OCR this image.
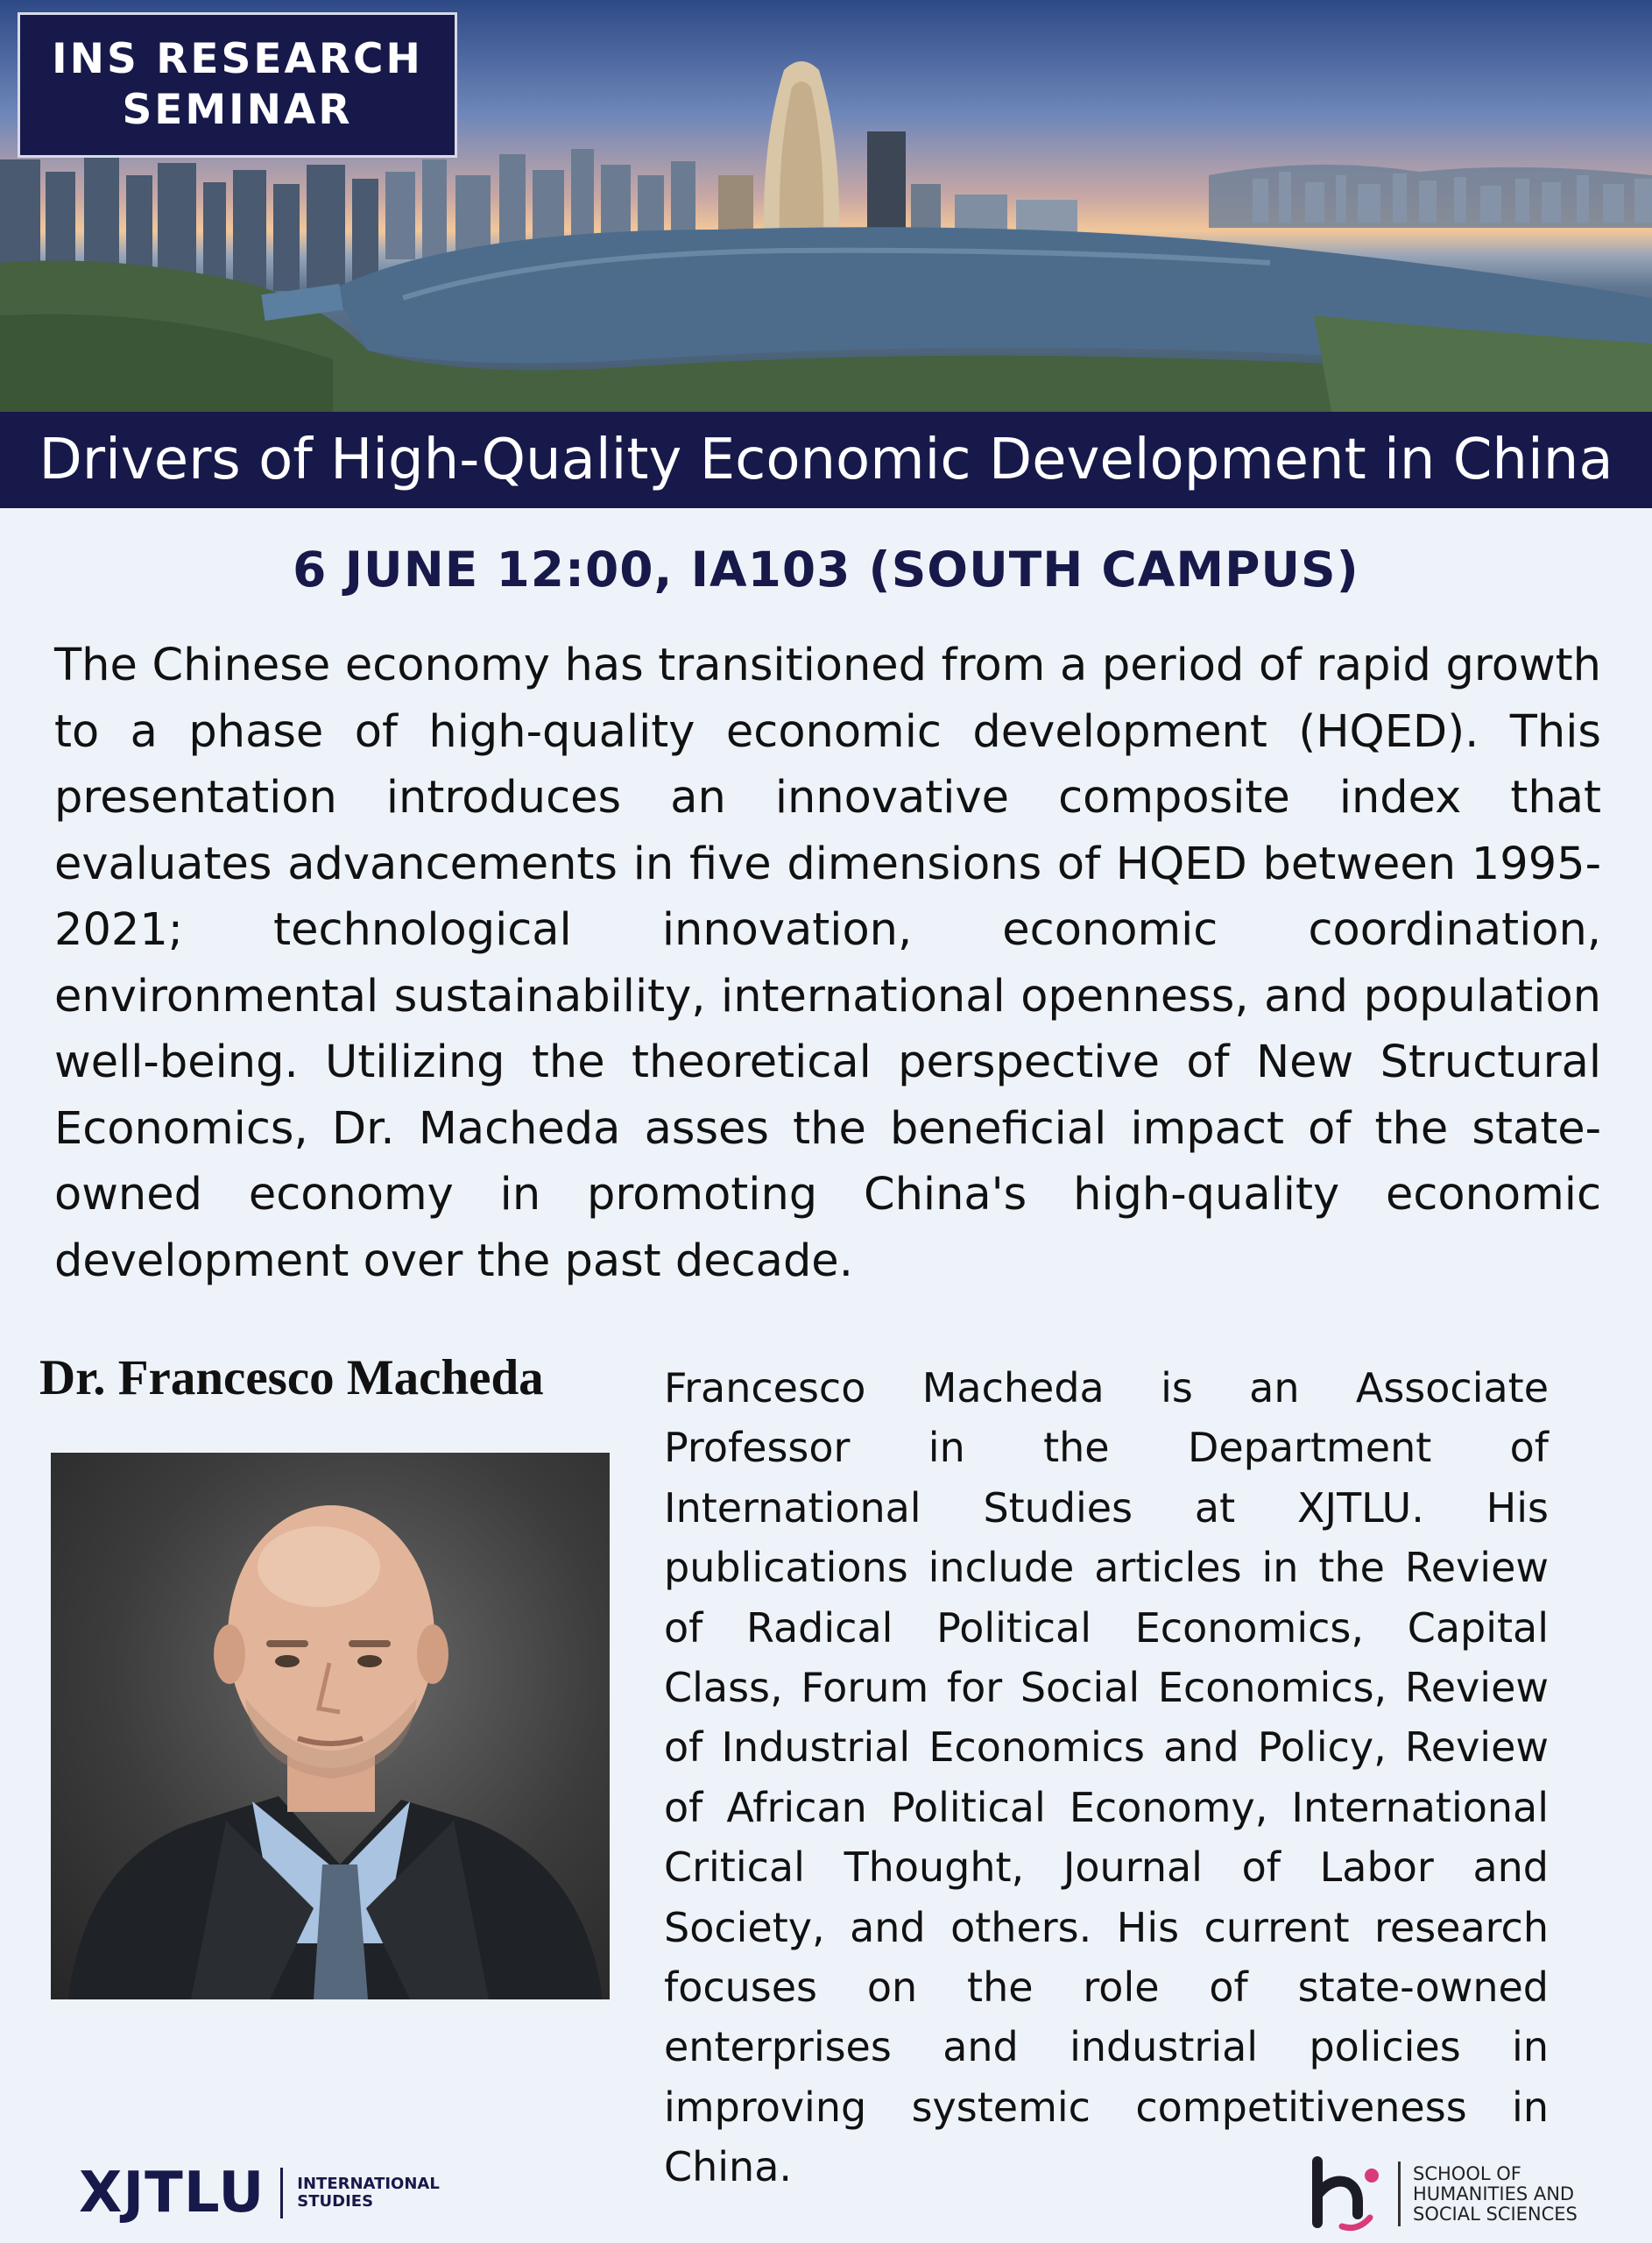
INS RESEARCH
SEMINAR
Drivers of High-Quality Economic Development in China
6 JUNE 12:00, IA103 (SOUTH CAMPUS)

The Chinese economy has transitioned from a period of rapid growth to a phase of high-quality economic development (HQED). This presentation introduces an innovative composite index that evaluates advancements in five dimensions of HQED between 1995-2021; technological innovation, economic coordination, environmental sustainability, international openness, and population well-being. Utilizing the theoretical perspective of New Structural Economics, Dr. Macheda asses the beneficial impact of the state-owned economy in promoting China's high-quality economic development over the past decade.

Dr. Francesco Macheda	Francesco Macheda is an Associate Professor in the Department of International Studies at XJTLU. His publications include articles in the Review of Radical Political Economics, Capital Class, Forum for Social Economics, Review of Industrial Economics and Policy, Review of African Political Economy, International Critical Thought, Journal of Labor and Society, and others. His current research focuses on the role of state-owned enterprises and industrial policies in improving systemic competitiveness in China.

XJTLU INTERNATIONAL
STUDIES
SCHOOL OF
HUMANITIES AND
SOCIAL SCIENCES
